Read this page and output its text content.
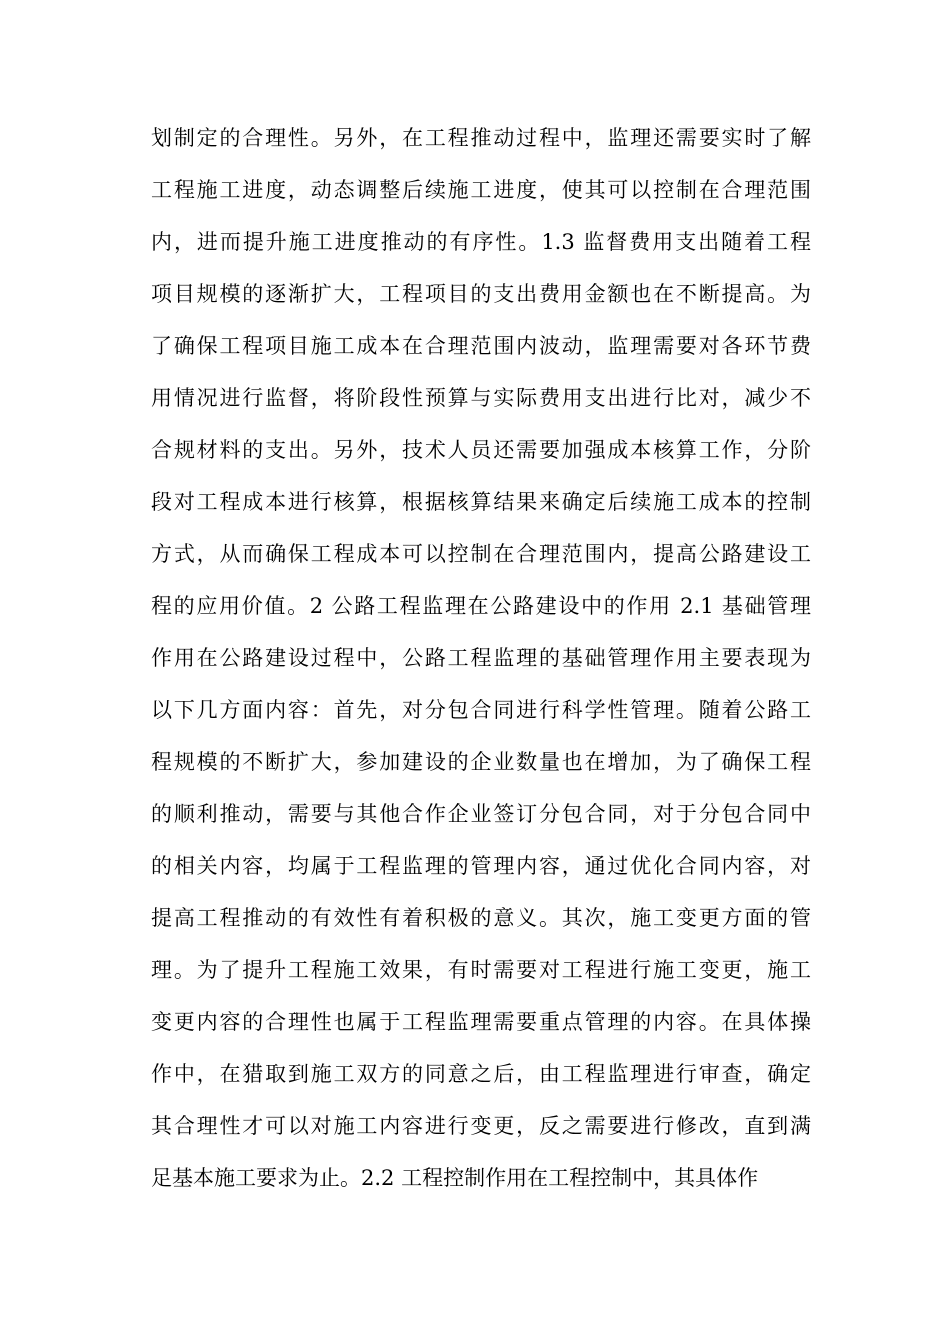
划制定的合理性。另外，在工程推动过程中，监理还需要实时了解
工程施工进度，动态调整后续施工进度，使其可以控制在合理范围
内，进而提升施工进度推动的有序性。1.3 监督费用支出随着工程
项目规模的逐渐扩大，工程项目的支出费用金额也在不断提高。为
了确保工程项目施工成本在合理范围内波动，监理需要对各环节费
用情况进行监督，将阶段性预算与实际费用支出进行比对，减少不
合规材料的支出。另外，技术人员还需要加强成本核算工作，分阶
段对工程成本进行核算，根据核算结果来确定后续施工成本的控制
方式，从而确保工程成本可以控制在合理范围内，提高公路建设工
程的应用价值。2 公路工程监理在公路建设中的作用 2.1 基础管理
作用在公路建设过程中，公路工程监理的基础管理作用主要表现为
以下几方面内容：首先，对分包合同进行科学性管理。随着公路工
程规模的不断扩大，参加建设的企业数量也在增加，为了确保工程
的顺利推动，需要与其他合作企业签订分包合同，对于分包合同中
的相关内容，均属于工程监理的管理内容，通过优化合同内容，对
提高工程推动的有效性有着积极的意义。其次，施工变更方面的管
理。为了提升工程施工效果，有时需要对工程进行施工变更，施工
变更内容的合理性也属于工程监理需要重点管理的内容。在具体操
作中，在猎取到施工双方的同意之后，由工程监理进行审查，确定
其合理性才可以对施工内容进行变更，反之需要进行修改，直到满
足基本施工要求为止。2.2 工程控制作用在工程控制中，其具体作
